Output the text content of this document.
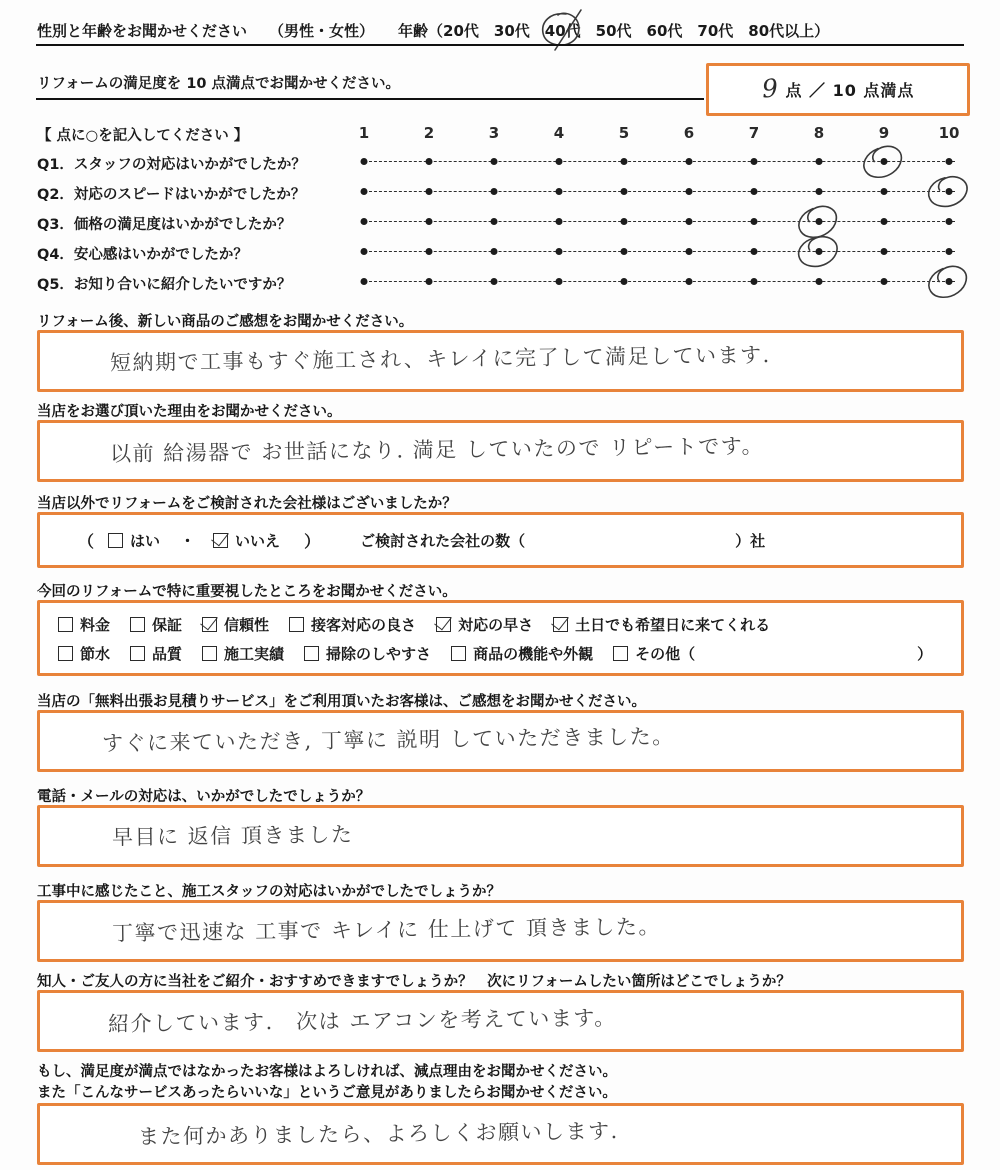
性別と年齢をお聞かせください （男性・女性） 年齢（20代　30代　40代　50代　60代　70代　80代以上）
リフォームの満足度を 10 点満点でお聞かせください。	9 点 ／ 10 点満点
【 点に○を記入してください 】	1	2	3	4	5	6	7	8	9	10
Q1．スタッフの対応はいかがでしたか？
Q2．対応のスピードはいかがでしたか？
Q3．価格の満足度はいかがでしたか？
Q4．安心感はいかがでしたか？
Q5．お知り合いに紹介したいですか？
リフォーム後、新しい商品のご感想をお聞かせください。
短納期で工事もすぐ施工され、キレイに完了して満足しています.
当店をお選び頂いた理由をお聞かせください。
以前 給湯器で お世話になり. 満足 していたので リピートです。
当店以外でリフォームをご検討された会社様はございましたか？
（ はい ・	いいえ ）	ご検討された会社の数（	）社
今回のリフォームで特に重要視したところをお聞かせください。
料金	保証	信頼性	接客対応の良さ	対応の早さ	土日でも希望日に来てくれる
節水	品質	施工実績	掃除のしやすさ	商品の機能や外観	その他（	）
当店の「無料出張お見積りサービス」をご利用頂いたお客様は、ご感想をお聞かせください。
すぐに来ていただき, 丁寧に 説明 していただきました。
電話・メールの対応は、いかがでしたでしょうか？
早目に 返信 頂きました
工事中に感じたこと、施工スタッフの対応はいかがでしたでしょうか？
丁寧で迅速な 工事で キレイに 仕上げて 頂きました。
知人・ご友人の方に当社をご紹介・おすすめできますでしょうか？　次にリフォームしたい箇所はどこでしょうか？
紹介しています.　次は エアコンを考えています。
もし、満足度が満点ではなかったお客様はよろしければ、減点理由をお聞かせください。
また「こんなサービスあったらいいな」というご意見がありましたらお聞かせください。
また何かありましたら、よろしくお願いします.
